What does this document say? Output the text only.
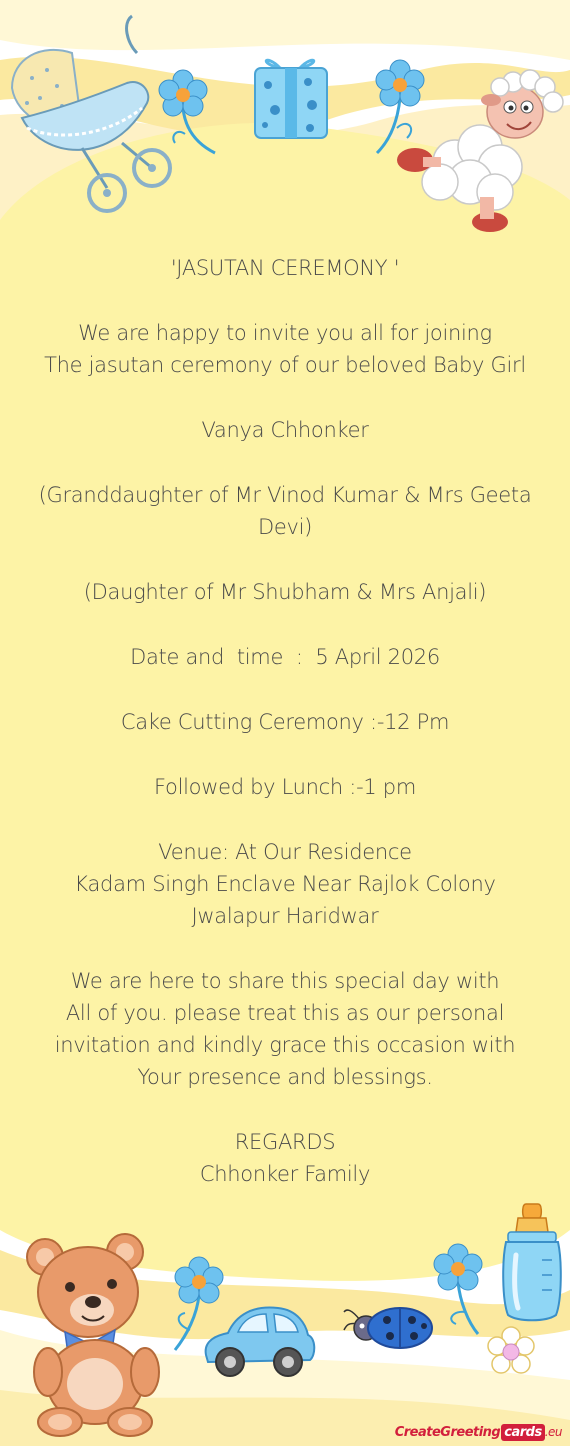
'JASUTAN CEREMONY '
We are happy to invite you all for joining
The jasutan ceremony of our beloved Baby Girl
Vanya Chhonker
(Granddaughter of Mr Vinod Kumar & Mrs Geeta
Devi)
(Daughter of Mr Shubham & Mrs Anjali)
Date and  time  :  5 April 2026
Cake Cutting Ceremony :-12 Pm
Followed by Lunch :-1 pm
Venue: At Our Residence
Kadam Singh Enclave Near Rajlok Colony
Jwalapur Haridwar
We are here to share this special day with
All of you. please treat this as our personal
invitation and kindly grace this occasion with
Your presence and blessings.
REGARDS
Chhonker Family
CreateGreeting cards .eu
